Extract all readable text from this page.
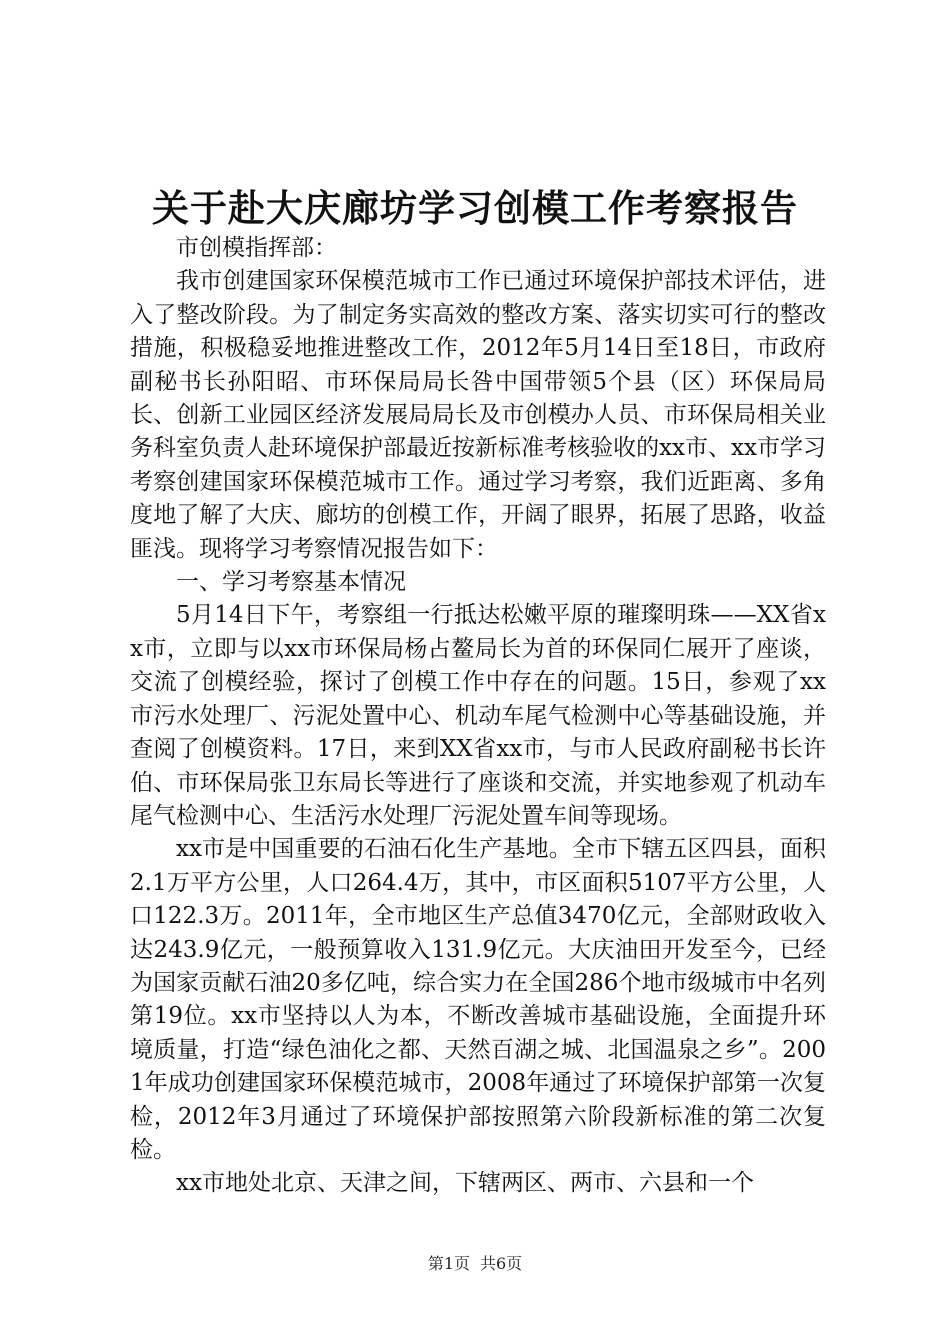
关于赴大庆廊坊学习创模工作考察报告

市创模指挥部：

我市创建国家环保模范城市工作已通过环境保护部技术评估，进入了整改阶段。为了制定务实高效的整改方案、落实切实可行的整改措施，积极稳妥地推进整改工作，2012年5月14日至18日，市政府副秘书长孙阳昭、市环保局局长咎中国带领5个县（区）环保局局长、创新工业园区经济发展局局长及市创模办人员、市环保局相关业务科室负责人赴环境保护部最近按新标准考核验收的xx市、xx市学习考察创建国家环保模范城市工作。通过学习考察，我们近距离、多角度地了解了大庆、廊坊的创模工作，开阔了眼界，拓展了思路，收益匪浅。现将学习考察情况报告如下：

一、学习考察基本情况

5月14日下午，考察组一行抵达松嫩平原的璀璨明珠——XX省xx市，立即与以xx市环保局杨占鳌局长为首的环保同仁展开了座谈，交流了创模经验，探讨了创模工作中存在的问题。15日，参观了xx市污水处理厂、污泥处置中心、机动车尾气检测中心等基础设施，并查阅了创模资料。17日，来到XX省xx市，与市人民政府副秘书长许伯、市环保局张卫东局长等进行了座谈和交流，并实地参观了机动车尾气检测中心、生活污水处理厂污泥处置车间等现场。

xx市是中国重要的石油石化生产基地。全市下辖五区四县，面积2.1万平方公里，人口264.4万，其中，市区面积5107平方公里，人口122.3万。2011年，全市地区生产总值3470亿元，全部财政收入达243.9亿元，一般预算收入131.9亿元。大庆油田开发至今，已经为国家贡献石油20多亿吨，综合实力在全国286个地市级城市中名列第19位。xx市坚持以人为本，不断改善城市基础设施，全面提升环境质量，打造“绿色油化之都、天然百湖之城、北国温泉之乡”。2001年成功创建国家环保模范城市，2008年通过了环境保护部第一次复检，2012年3月通过了环境保护部按照第六阶段新标准的第二次复检。

xx市地处北京、天津之间，下辖两区、两市、六县和一个

第1页 共6页
